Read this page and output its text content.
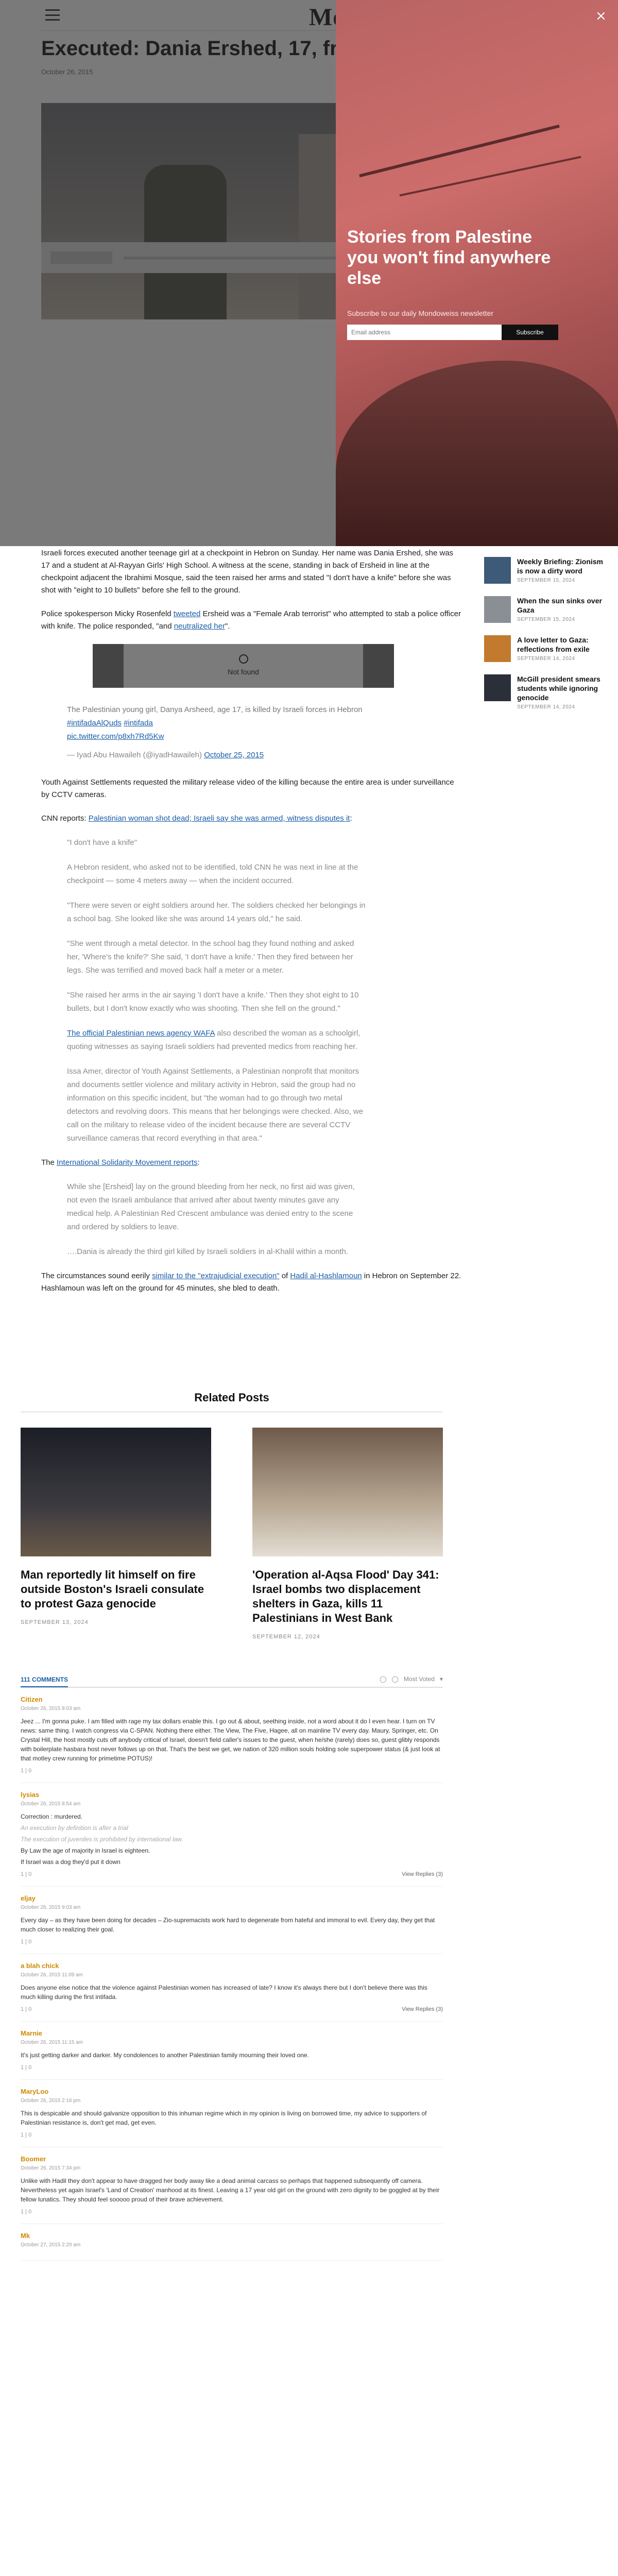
Israeli forces executed another teenage girl at a checkpoint in Hebron on Sunday. Her name was Dania Ershed, she was 17 and a student at Al-Rayyan Girls' High School. A witness at the scene, standing in back of Ersheid in line at the checkpoint adjacent the Ibrahimi Mosque, said the teen raised her arms and stated "I don't have a knife" before she was shot with "eight to 10 bullets" before she fell to the ground.

Police spokesperson Micky Rosenfeld tweeted Ersheid was a "Female Arab terrorist" who attempted to stab a police officer with knife. The police responded, "and neutralized her".

Not found
The Palestinian young girl, Danya Arsheed, age 17, is killed by Israeli forces in Hebron #intifadaAlQuds #intifada
pic.twitter.com/p8xh7Rd5Kw
— Iyad Abu Hawaileh (@iyadHawaileh) October 25, 2015

Youth Against Settlements requested the military release video of the killing because the entire area is under surveillance by CCTV cameras.

CNN reports: Palestinian woman shot dead; Israeli say she was armed, witness disputes it:

"I don't have a knife"
A Hebron resident, who asked not to be identified, told CNN he was next in line at the checkpoint — some 4 meters away — when the incident occurred.
"There were seven or eight soldiers around her. The soldiers checked her belongings in a school bag. She looked like she was around 14 years old," he said.
"She went through a metal detector. In the school bag they found nothing and asked her, 'Where's the knife?' She said, 'I don't have a knife.' Then they fired between her legs. She was terrified and moved back half a meter or a meter.
"She raised her arms in the air saying 'I don't have a knife.' Then they shot eight to 10 bullets, but I don't know exactly who was shooting. Then she fell on the ground."
The official Palestinian news agency WAFA also described the woman as a schoolgirl, quoting witnesses as saying Israeli soldiers had prevented medics from reaching her.
Issa Amer, director of Youth Against Settlements, a Palestinian nonprofit that monitors and documents settler violence and military activity in Hebron, said the group had no information on this specific incident, but "the woman had to go through two metal detectors and revolving doors. This means that her belongings were checked. Also, we call on the military to release video of the incident because there are several CCTV surveillance cameras that record everything in that area."

The International Solidarity Movement reports:

While she [Ersheid] lay on the ground bleeding from her neck, no first aid was given, not even the Israeli ambulance that arrived after about twenty minutes gave any medical help. A Palestinian Red Crescent ambulance was denied entry to the scene and ordered by soldiers to leave.
….Dania is already the third girl killed by Israeli soldiers in al-Khalil within a month.

The circumstances sound eerily similar to the "extrajudicial execution" of Hadil al-Hashlamoun in Hebron on September 22. Hashlamoun was left on the ground for 45 minutes, she bled to death.

Weekly Briefing: Zionism is now a dirty word
SEPTEMBER 15, 2024
When the sun sinks over Gaza
SEPTEMBER 15, 2024
A love letter to Gaza: reflections from exile
SEPTEMBER 14, 2024
McGill president smears students while ignoring genocide
SEPTEMBER 14, 2024
Related Posts
Man reportedly lit himself on fire outside Boston's Israeli consulate to protest Gaza genocide
SEPTEMBER 13, 2024
'Operation al-Aqsa Flood' Day 341: Israel bombs two displacement shelters in Gaza, kills 11 Palestinians in West Bank
SEPTEMBER 12, 2024
111 COMMENTS	◯ ◯ Most Voted ▾
Citizen
October 26, 2015 8:03 am

Jeez ... I'm gonna puke. I am filled with rage my tax dollars enable this. I go out & about, seething inside, not a word about it do I even hear. I turn on TV news: same thing. I watch congress via C-SPAN. Nothing there either. The View, The Five, Hagee, all on mainline TV every day. Maury, Springer, etc. On Crystal Hill, the host mostly cuts off anybody critical of Israel, doesn't field caller's issues to the guest, when he/she (rarely) does so, guest glibly responds with boilerplate hasbara host never follows up on that. That's the best we get, we nation of 320 million souls holding sole superpower status (& just look at that motley crew running for primetime POTUS)!

1 | 0
lysias
October 26, 2015 8:54 am

Correction : murdered.

An execution by definition is after a trial

The execution of juveniles is prohibited by international law.

By Law the age of majority in Israel is eighteen.

If Israel was a dog they'd put it down

1 | 0	View Replies (3)
eljay
October 26, 2015 9:03 am

Every day – as they have been doing for decades – Zio-supremacists work hard to degenerate from hateful and immoral to evil. Every day, they get that much closer to realizing their goal.

1 | 0
a blah chick
October 26, 2015 11:09 am

Does anyone else notice that the violence against Palestinian women has increased of late? I know it's always there but I don't believe there was this much killing during the first intifada.

1 | 0	View Replies (3)
Marnie
October 26, 2015 11:15 am

It's just getting darker and darker. My condolences to another Palestinian family mourning their loved one.

1 | 0
MaryLoo
October 26, 2015 2:16 pm

This is despicable and should galvanize opposition to this inhuman regime which in my opinion is living on borrowed time, my advice to supporters of Palestinian resistance is, don't get mad, get even.

1 | 0
Boomer
October 26, 2015 7:34 pm

Unlike with Hadil they don't appear to have dragged her body away like a dead animal carcass so perhaps that happened subsequently off camera. Nevertheless yet again Israel's 'Land of Creation' manhood at its finest. Leaving a 17 year old girl on the ground with zero dignity to be goggled at by their fellow lunatics. They should feel sooooo proud of their brave achievement.

1 | 0
Mk
October 27, 2015 2:20 am
×
Stories from Palestine you won't find anywhere else
Subscribe to our daily Mondoweiss newsletter
Email address
Subscribe
